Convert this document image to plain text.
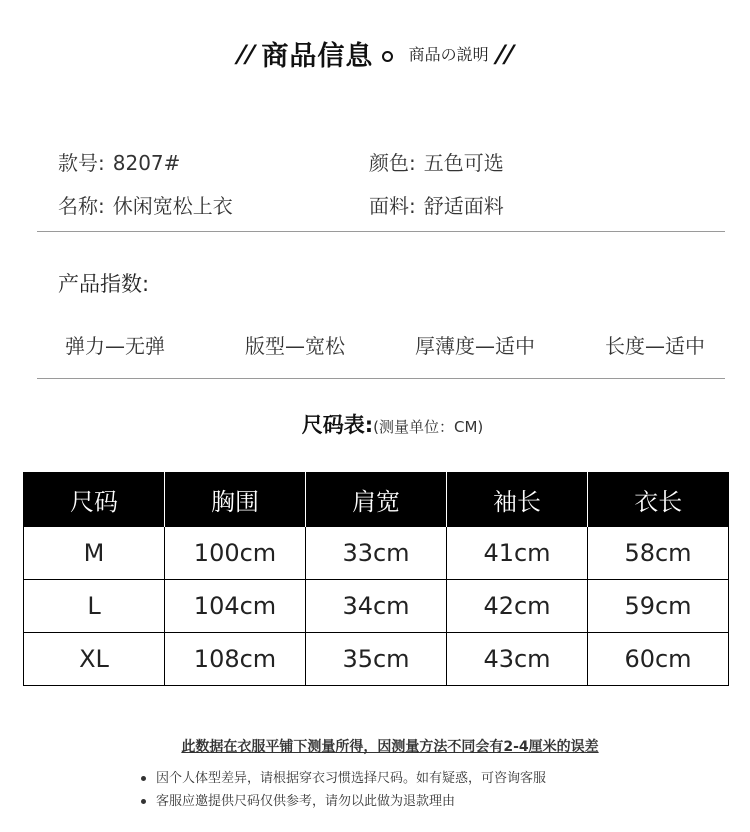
// 商品信息 商品の説明 //
款号: 8207#	颜色: 五色可选
名称: 休闲宽松上衣	面料: 舒适面料
产品指数:
弹力—无弹	版型—宽松	厚薄度—适中	长度—适中
尺码表:(测量单位：CM)
尺码	胸围	肩宽	袖长	衣长
M	100cm	33cm	41cm	58cm
L	104cm	34cm	42cm	59cm
XL	108cm	35cm	43cm	60cm
此数据在衣服平铺下测量所得，因测量方法不同会有2-4厘米的误差
因个人体型差异，请根据穿衣习惯选择尺码。如有疑惑，可咨询客服
客服应邀提供尺码仅供参考，请勿以此做为退款理由
